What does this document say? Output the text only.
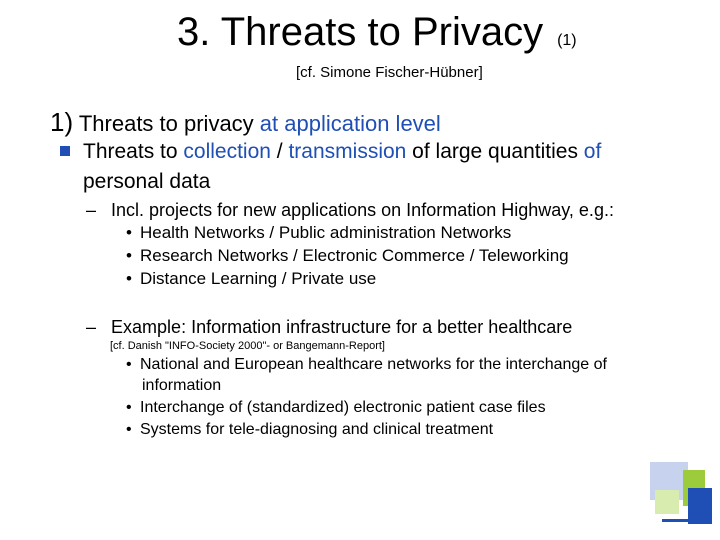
3. Threats to Privacy (1)
[cf. Simone Fischer-Hübner]
1) Threats to privacy at application level
Threats to collection / transmission of large quantities of
personal data
– Incl. projects for new applications on Information Highway, e.g.:
• Health Networks / Public administration Networks
• Research Networks / Electronic Commerce / Teleworking
• Distance Learning / Private use
– Example: Information infrastructure for a better healthcare
[cf. Danish "INFO-Society 2000"- or Bangemann-Report]
• National and European healthcare networks for the interchange of
information
• Interchange of (standardized) electronic patient case files
• Systems for tele-diagnosing and clinical treatment
